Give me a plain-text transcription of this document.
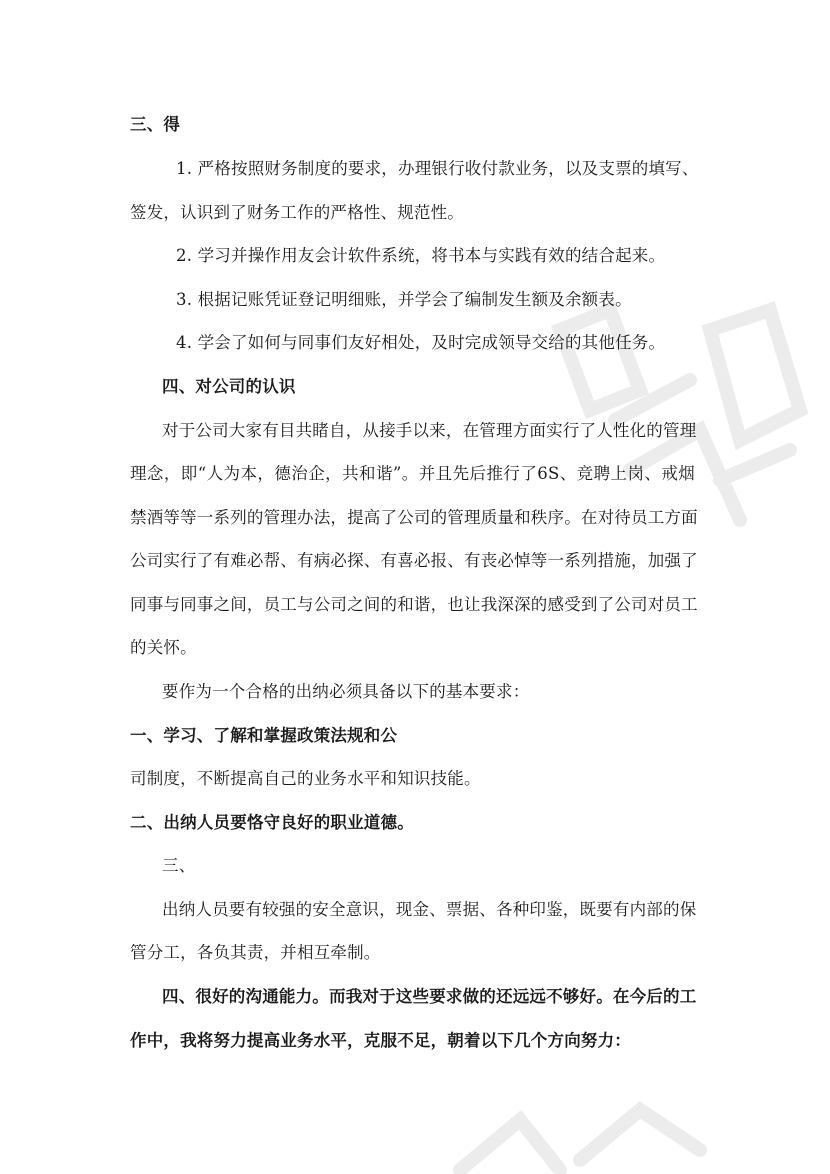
三、得
1. 严格按照财务制度的要求，办理银行收付款业务，以及支票的填写、
签发，认识到了财务工作的严格性、规范性。
2. 学习并操作用友会计软件系统，将书本与实践有效的结合起来。
3. 根据记账凭证登记明细账，并学会了编制发生额及余额表。
4. 学会了如何与同事们友好相处，及时完成领导交给的其他任务。
四、对公司的认识
对于公司大家有目共睹自，从接手以来，在管理方面实行了人性化的管理
理念，即“人为本，德治企，共和谐”。并且先后推行了6S、竞聘上岗、戒烟
禁酒等等一系列的管理办法，提高了公司的管理质量和秩序。在对待员工方面
公司实行了有难必帮、有病必探、有喜必报、有丧必悼等一系列措施，加强了
同事与同事之间，员工与公司之间的和谐，也让我深深的感受到了公司对员工
的关怀。
要作为一个合格的出纳必须具备以下的基本要求：
一、学习、了解和掌握政策法规和公
司制度，不断提高自己的业务水平和知识技能。
二、出纳人员要恪守良好的职业道德。
三、
出纳人员要有较强的安全意识，现金、票据、各种印鉴，既要有内部的保
管分工，各负其责，并相互牵制。
四、很好的沟通能力。而我对于这些要求做的还远远不够好。在今后的工
作中，我将努力提高业务水平，克服不足，朝着以下几个方向努力：
